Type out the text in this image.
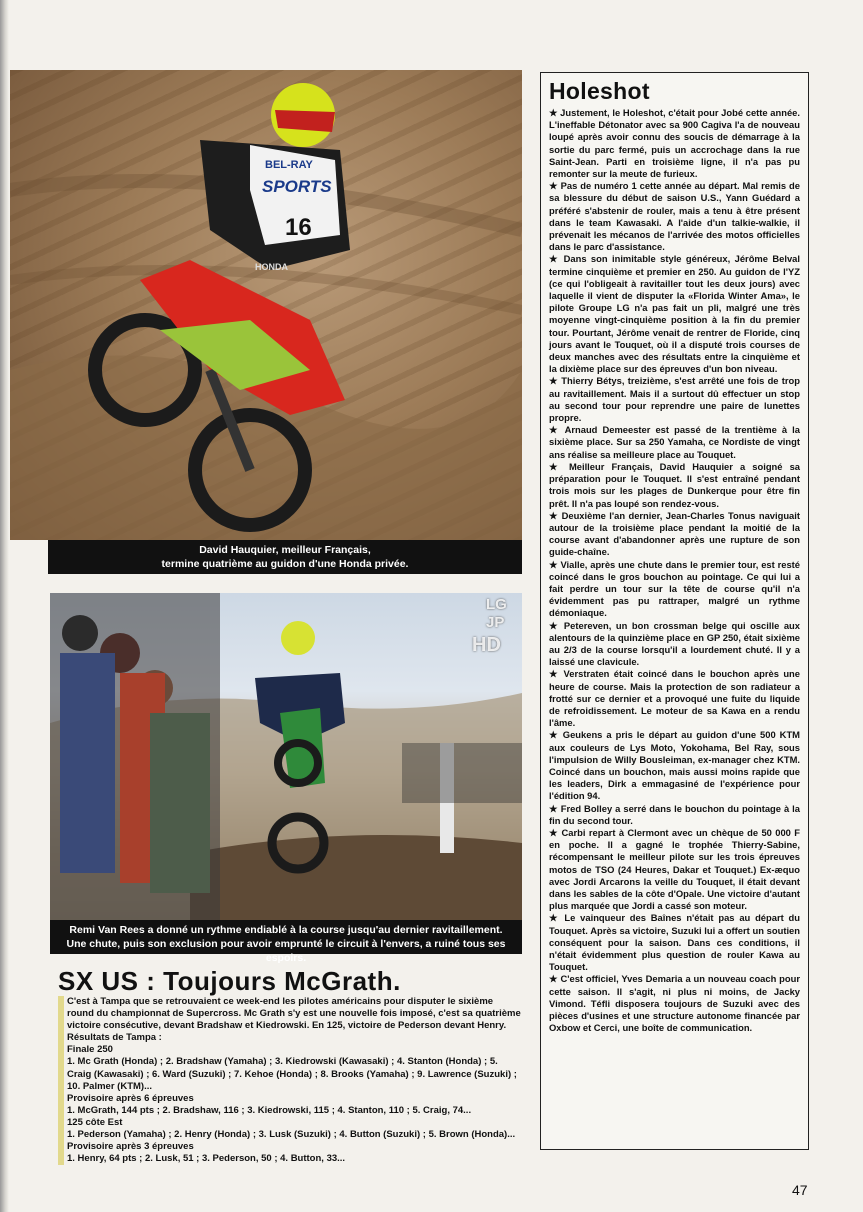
BEL-RAY
SPORTS
16
HONDA
David Hauquier, meilleur Français,
termine quatrième au guidon d'une Honda privée.
LG
JP
HD
Remi Van Rees a donné un rythme endiablé à la course jusqu'au dernier ravitaillement.
Une chute, puis son exclusion pour avoir emprunté le circuit à l'envers, a ruiné tous ses espoirs.
Holeshot

★ Justement, le Holeshot, c'était pour Jobé cette année. L'ineffable Détonator avec sa 900 Cagiva l'a de nouveau loupé après avoir connu des soucis de démarrage à la sortie du parc fermé, puis un accrochage dans la rue Saint-Jean. Parti en troisième ligne, il n'a pas pu remonter sur la meute de furieux.

★ Pas de numéro 1 cette année au départ. Mal remis de sa blessure du début de saison U.S., Yann Guédard a préféré s'abstenir de rouler, mais a tenu à être présent dans le team Kawasaki. A l'aide d'un talkie-walkie, il prévenait les mécanos de l'arrivée des motos officielles dans le parc d'assistance.

★ Dans son inimitable style généreux, Jérôme Belval termine cinquième et premier en 250. Au guidon de l'YZ (ce qui l'obligeait à ravitailler tout les deux jours) avec laquelle il vient de disputer la «Florida Winter Ama», le pilote Groupe LG n'a pas fait un pli, malgré une très moyenne vingt-cinquième position à la fin du premier tour. Pourtant, Jérôme venait de rentrer de Floride, cinq jours avant le Touquet, où il a disputé trois courses de deux manches avec des résultats entre la cinquième et la dixième place sur des épreuves d'un bon niveau.

★ Thierry Bétys, treizième, s'est arrêté une fois de trop au ravitaillement. Mais il a surtout dû effectuer un stop au second tour pour reprendre une paire de lunettes propre.

★ Arnaud Demeester est passé de la trentième à la sixième place. Sur sa 250 Yamaha, ce Nordiste de vingt ans réalise sa meilleure place au Touquet.

★ Meilleur Français, David Hauquier a soigné sa préparation pour le Touquet. Il s'est entraîné pendant trois mois sur les plages de Dunkerque pour être fin prêt. Il n'a pas loupé son rendez-vous.

★ Deuxième l'an dernier, Jean-Charles Tonus naviguait autour de la troisième place pendant la moitié de la course avant d'abandonner après une rupture de son guide-chaîne.

★ Vialle, après une chute dans le premier tour, est resté coincé dans le gros bouchon au pointage. Ce qui lui a fait perdre un tour sur la tête de course qu'il n'a évidemment pas pu rattraper, malgré un rythme démoniaque.

★ Petereven, un bon crossman belge qui oscille aux alentours de la quinzième place en GP 250, était sixième au 2/3 de la course lorsqu'il a lourdement chuté. Il y a laissé une clavicule.

★ Verstraten était coincé dans le bouchon après une heure de course. Mais la protection de son radiateur a frotté sur ce dernier et a provoqué une fuite du liquide de refroidissement. Le moteur de sa Kawa en a rendu l'âme.

★ Geukens a pris le départ au guidon d'une 500 KTM aux couleurs de Lys Moto, Yokohama, Bel Ray, sous l'impulsion de Willy Bousleiman, ex-manager chez KTM. Coincé dans un bouchon, mais aussi moins rapide que les leaders, Dirk a emmagasiné de l'expérience pour l'édition 94.

★ Fred Bolley a serré dans le bouchon du pointage à la fin du second tour.

★ Carbi repart à Clermont avec un chèque de 50 000 F en poche. Il a gagné le trophée Thierry-Sabine, récompensant le meilleur pilote sur les trois épreuves motos de TSO (24 Heures, Dakar et Touquet.) Ex-æquo avec Jordi Arcarons la veille du Touquet, il était devant dans les sables de la côte d'Opale. Une victoire d'autant plus marquée que Jordi a cassé son moteur.

★ Le vainqueur des Baînes n'était pas au départ du Touquet. Après sa victoire, Suzuki lui a offert un soutien conséquent pour la saison. Dans ces conditions, il n'était évidemment plus question de rouler Kawa au Touquet.

★ C'est officiel, Yves Demaria a un nouveau coach pour cette saison. Il s'agit, ni plus ni moins, de Jacky Vimond. Téfli disposera toujours de Suzuki avec des pièces d'usines et une structure autonome financée par Oxbow et Cerci, une boîte de communication.

SX US : Toujours McGrath.
C'est à Tampa que se retrouvaient ce week-end les pilotes américains pour disputer le sixième round du championnat de Supercross. Mc Grath s'y est une nouvelle fois imposé, c'est sa quatrième victoire consécutive, devant Bradshaw et Kiedrowski. En 125, victoire de Pederson devant Henry.
Résultats de Tampa :
Finale 250
1. Mc Grath (Honda) ; 2. Bradshaw (Yamaha) ; 3. Kiedrowski (Kawasaki) ; 4. Stanton (Honda) ; 5. Craig (Kawasaki) ; 6. Ward (Suzuki) ; 7. Kehoe (Honda) ; 8. Brooks (Yamaha) ; 9. Lawrence (Suzuki) ; 10. Palmer (KTM)...
Provisoire après 6 épreuves
1. McGrath, 144 pts ; 2. Bradshaw, 116 ; 3. Kiedrowski, 115 ; 4. Stanton, 110 ; 5. Craig, 74...
125 côte Est
1. Pederson (Yamaha) ; 2. Henry (Honda) ; 3. Lusk (Suzuki) ; 4. Button (Suzuki) ; 5. Brown (Honda)...
Provisoire après 3 épreuves
1. Henry, 64 pts ; 2. Lusk, 51 ; 3. Pederson, 50 ; 4. Button, 33...
47
